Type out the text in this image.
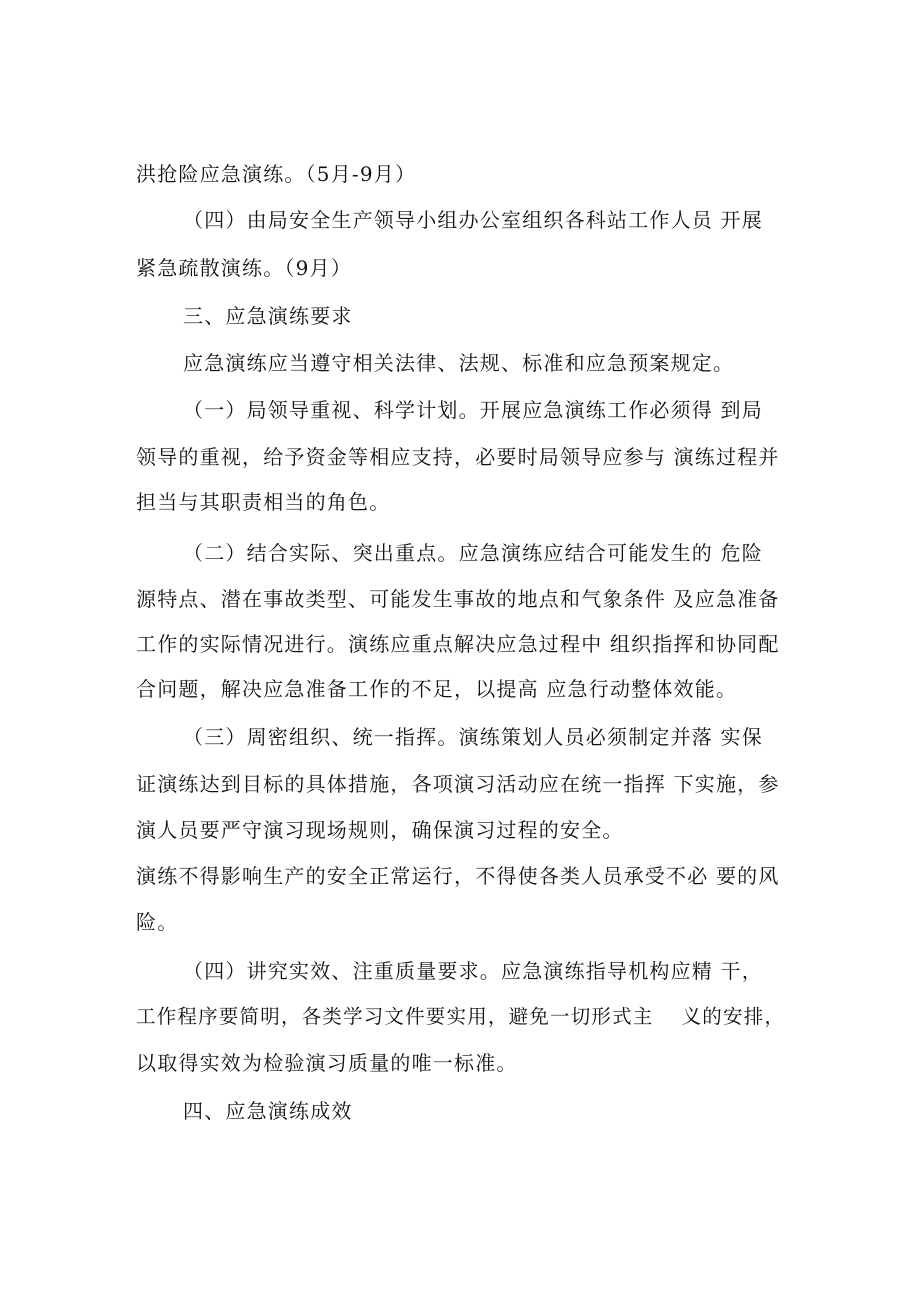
洪抢险应急演练。（5月-9月）
（四）由局安全生产领导小组办公室组织各科站工作人员 开展
紧急疏散演练。（9月）
三、应急演练要求
应急演练应当遵守相关法律、法规、标准和应急预案规定。
（一）局领导重视、科学计划。开展应急演练工作必须得 到局
领导的重视，给予资金等相应支持，必要时局领导应参与 演练过程并
担当与其职责相当的角色。
（二）结合实际、突出重点。应急演练应结合可能发生的 危险
源特点、潜在事故类型、可能发生事故的地点和气象条件 及应急准备
工作的实际情况进行。演练应重点解决应急过程中 组织指挥和协同配
合问题，解决应急准备工作的不足，以提高 应急行动整体效能。
（三）周密组织、统一指挥。演练策划人员必须制定并落 实保
证演练达到目标的具体措施，各项演习活动应在统一指挥 下实施，参
演人员要严守演习现场规则，确保演习过程的安全。
演练不得影响生产的安全正常运行，不得使各类人员承受不必 要的风
险。
（四）讲究实效、注重质量要求。应急演练指导机构应精 干，
工作程序要简明，各类学习文件要实用，避免一切形式主　 义的安排，
以取得实效为检验演习质量的唯一标准。
四、应急演练成效
